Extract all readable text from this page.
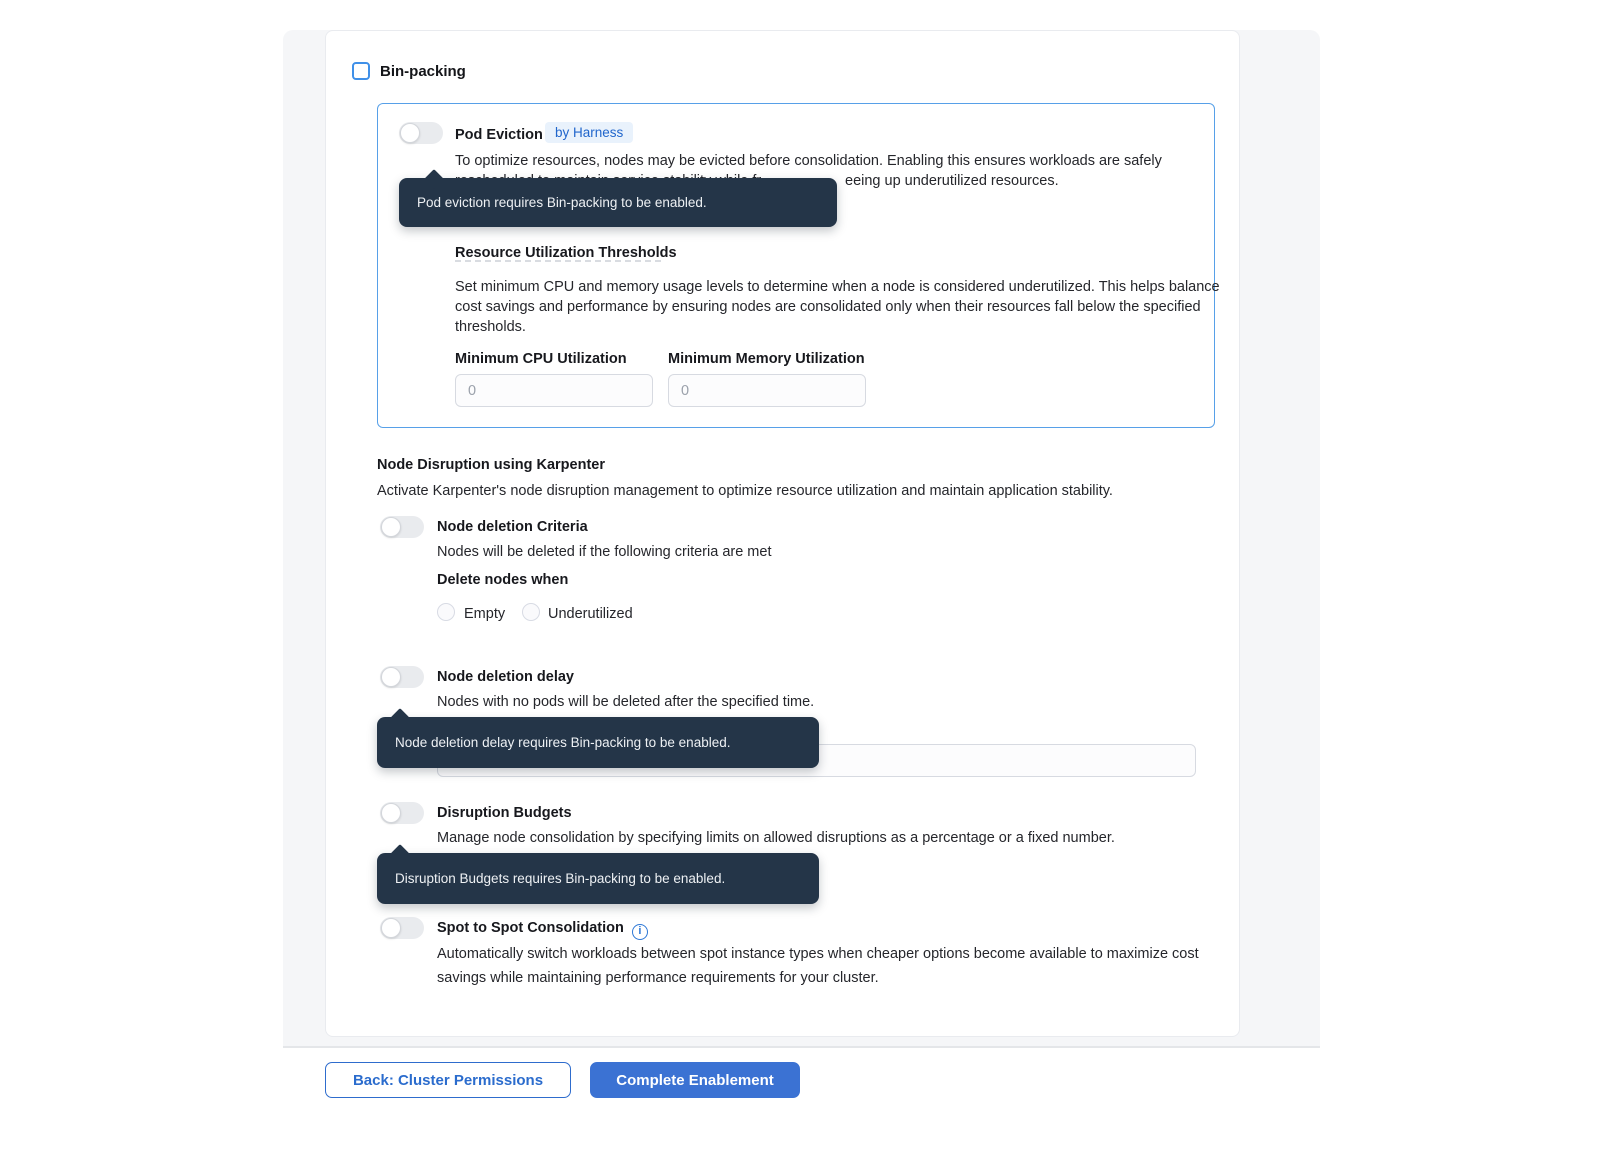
Bin-packing
Pod Eviction by Harness
To optimize resources, nodes may be evicted before consolidation. Enabling this ensures workloads are safely
eeing up underutilized resources.
Pod eviction requires Bin-packing to be enabled.
Resource Utilization Thresholds
Set minimum CPU and memory usage levels to determine when a node is considered underutilized. This helps balance
cost savings and performance by ensuring nodes are consolidated only when their resources fall below the specified
thresholds.
Minimum CPU Utilization	Minimum Memory Utilization
0
0
Node Disruption using Karpenter
Activate Karpenter's node disruption management to optimize resource utilization and maintain application stability.
Node deletion Criteria
Nodes will be deleted if the following criteria are met
Delete nodes when
Empty	Underutilized
Node deletion delay
Nodes with no pods will be deleted after the specified time.
Node deletion delay requires Bin-packing to be enabled.
Disruption Budgets
Manage node consolidation by specifying limits on allowed disruptions as a percentage or a fixed number.
Disruption Budgets requires Bin-packing to be enabled.
Spot to Spot Consolidation i
Automatically switch workloads between spot instance types when cheaper options become available to maximize cost
savings while maintaining performance requirements for your cluster.
Back: Cluster Permissions	Complete Enablement
